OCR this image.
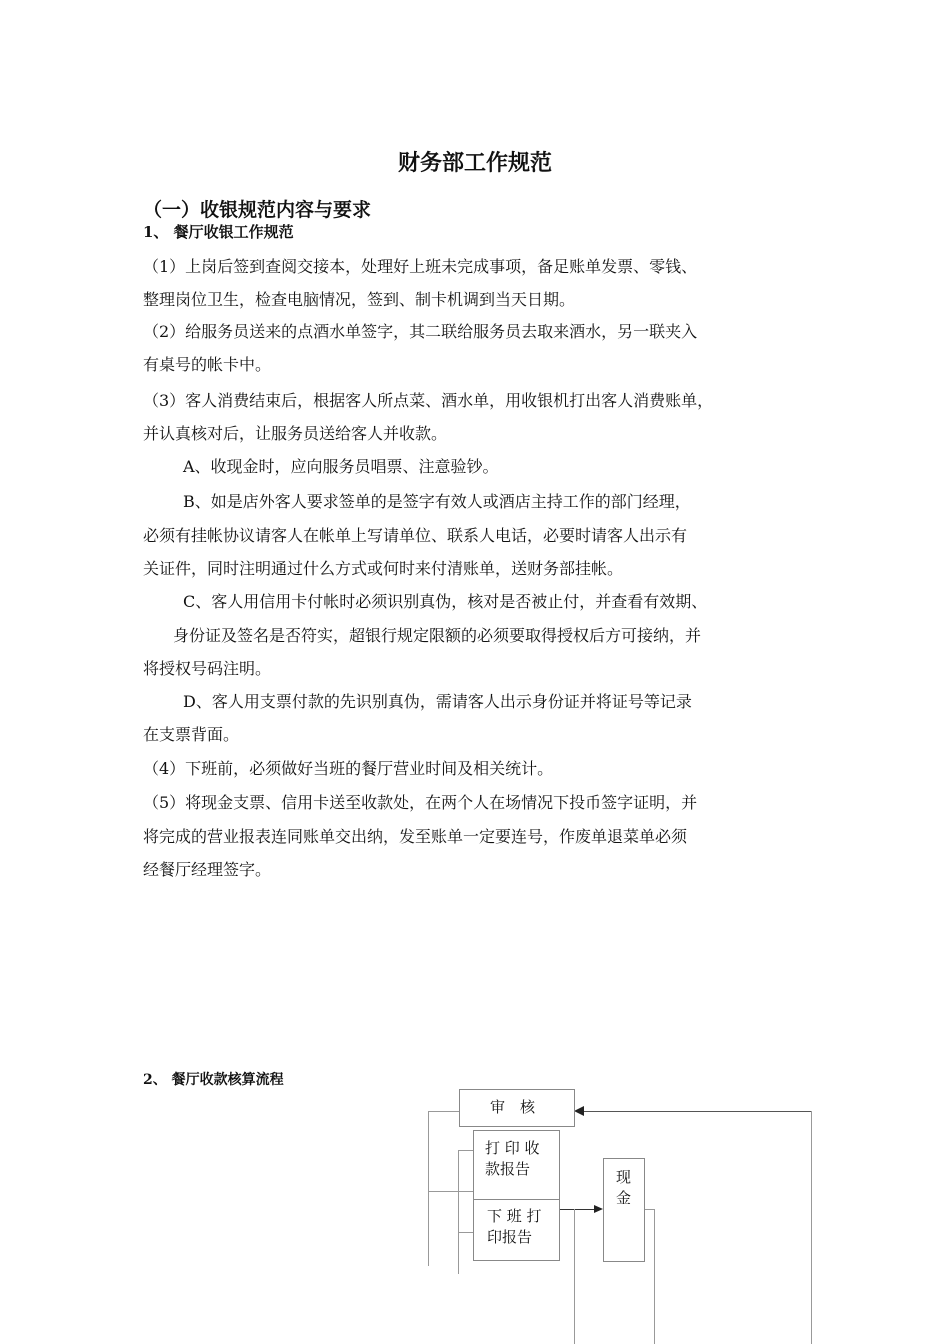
财务部工作规范
（一）收银规范内容与要求
1、 餐厅收银工作规范
（1）上岗后签到查阅交接本，处理好上班未完成事项，备足账单发票、零钱、
整理岗位卫生，检查电脑情况，签到、制卡机调到当天日期。
（2）给服务员送来的点酒水单签字，其二联给服务员去取来酒水，另一联夹入
有桌号的帐卡中。
（3）客人消费结束后，根据客人所点菜、酒水单，用收银机打出客人消费账单，
并认真核对后，让服务员送给客人并收款。
A、收现金时，应向服务员唱票、注意验钞。
B、如是店外客人要求签单的是签字有效人或酒店主持工作的部门经理，
必须有挂帐协议请客人在帐单上写请单位、联系人电话，必要时请客人出示有
关证件，同时注明通过什么方式或何时来付清账单，送财务部挂帐。
C、客人用信用卡付帐时必须识别真伪，核对是否被止付，并查看有效期、
身份证及签名是否符实，超银行规定限额的必须要取得授权后方可接纳，并
将授权号码注明。
D、客人用支票付款的先识别真伪，需请客人出示身份证并将证号等记录
在支票背面。
（4）下班前，必须做好当班的餐厅营业时间及相关统计。
（5）将现金支票、信用卡送至收款处，在两个人在场情况下投币签字证明，并
将完成的营业报表连同账单交出纳，发至账单一定要连号，作废单退菜单必须
经餐厅经理签字。
2、 餐厅收款核算流程
审　核
打 印 收
款报告
下 班 打
印报告
现
金
